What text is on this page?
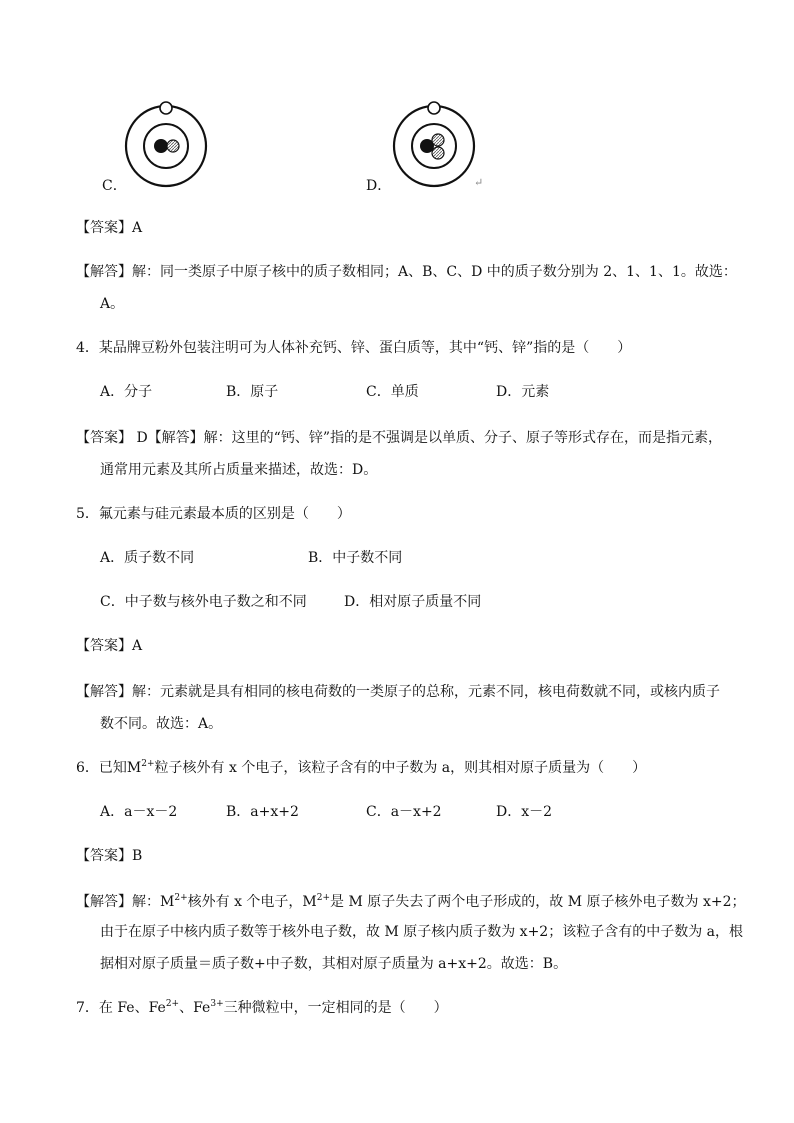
C．	D．	↵
【答案】A
【解答】解：同一类原子中原子核中的质子数相同；A、B、C、D 中的质子数分别为 2、1、1、1。故选：
A。
4．某品牌豆粉外包装注明可为人体补充钙、锌、蛋白质等，其中“钙、锌”指的是（　　）
A．分子	B．原子	C．单质	D．元素
【答案】 D【解答】解：这里的“钙、锌”指的是不强调是以单质、分子、原子等形式存在，而是指元素，
通常用元素及其所占质量来描述，故选：D。
5．氟元素与硅元素最本质的区别是（　　）
A．质子数不同	B．中子数不同
C．中子数与核外电子数之和不同	D．相对原子质量不同
【答案】A
【解答】解：元素就是具有相同的核电荷数的一类原子的总称，元素不同，核电荷数就不同，或核内质子
数不同。故选：A。
6．已知$M^{2+}$粒子核外有 x 个电子，该粒子含有的中子数为 a，则其相对原子质量为（　　）
A．a－x－2	B．a+x+2	C．a－x+2	D．x－2
【答案】B
【解答】解：$M^{2+}$核外有 x 个电子，$M^{2+}$是 M 原子失去了两个电子形成的，故 M 原子核外电子数为 x+2；
由于在原子中核内质子数等于核外电子数，故 M 原子核内质子数为 x+2；该粒子含有的中子数为 a，根
据相对原子质量＝质子数+中子数，其相对原子质量为 a+x+2。故选：B。
7．在 Fe、$Fe^{2+}$、$Fe^{3+}$三种微粒中，一定相同的是（　　）
